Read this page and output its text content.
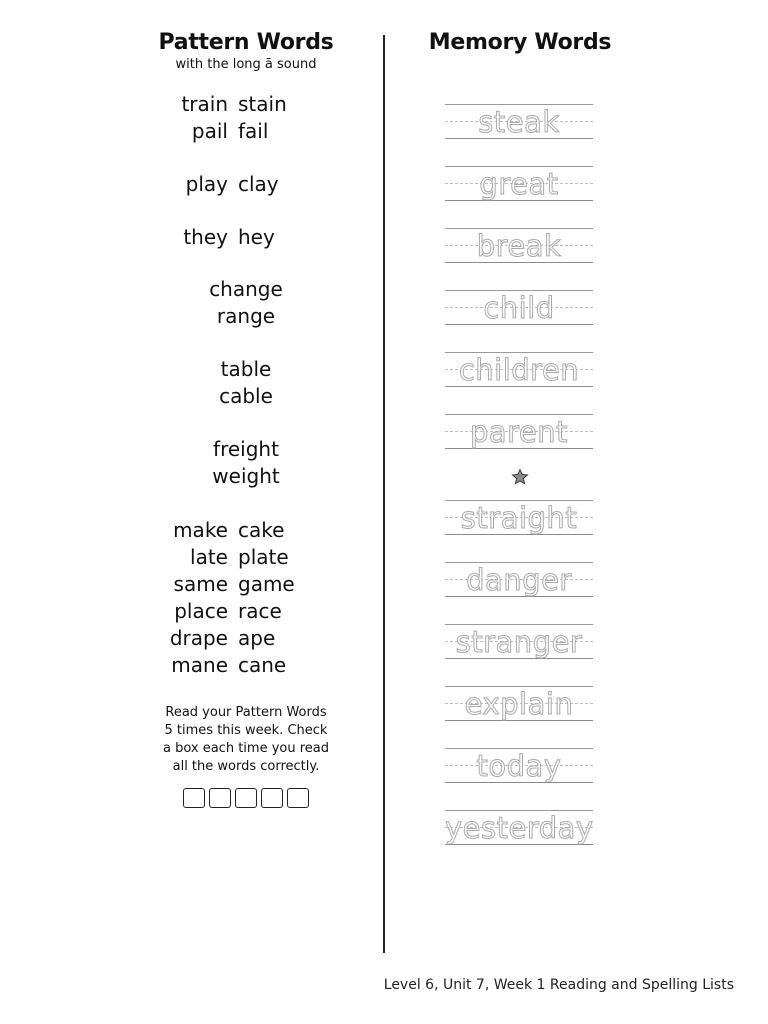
Pattern Words
with the long ā sound
train stain
pail fail
play clay
they hey
change
range
table
cable
freight
weight
make cake
late plate
same game
place race
drape ape
mane cane
Read your Pattern Words
5 times this week. Check
a box each time you read
all the words correctly.
Memory Words
steak
great
break
child
children
parent
straight
danger
stranger
explain
today
yesterday
Level 6, Unit 7, Week 1 Reading and Spelling Lists
